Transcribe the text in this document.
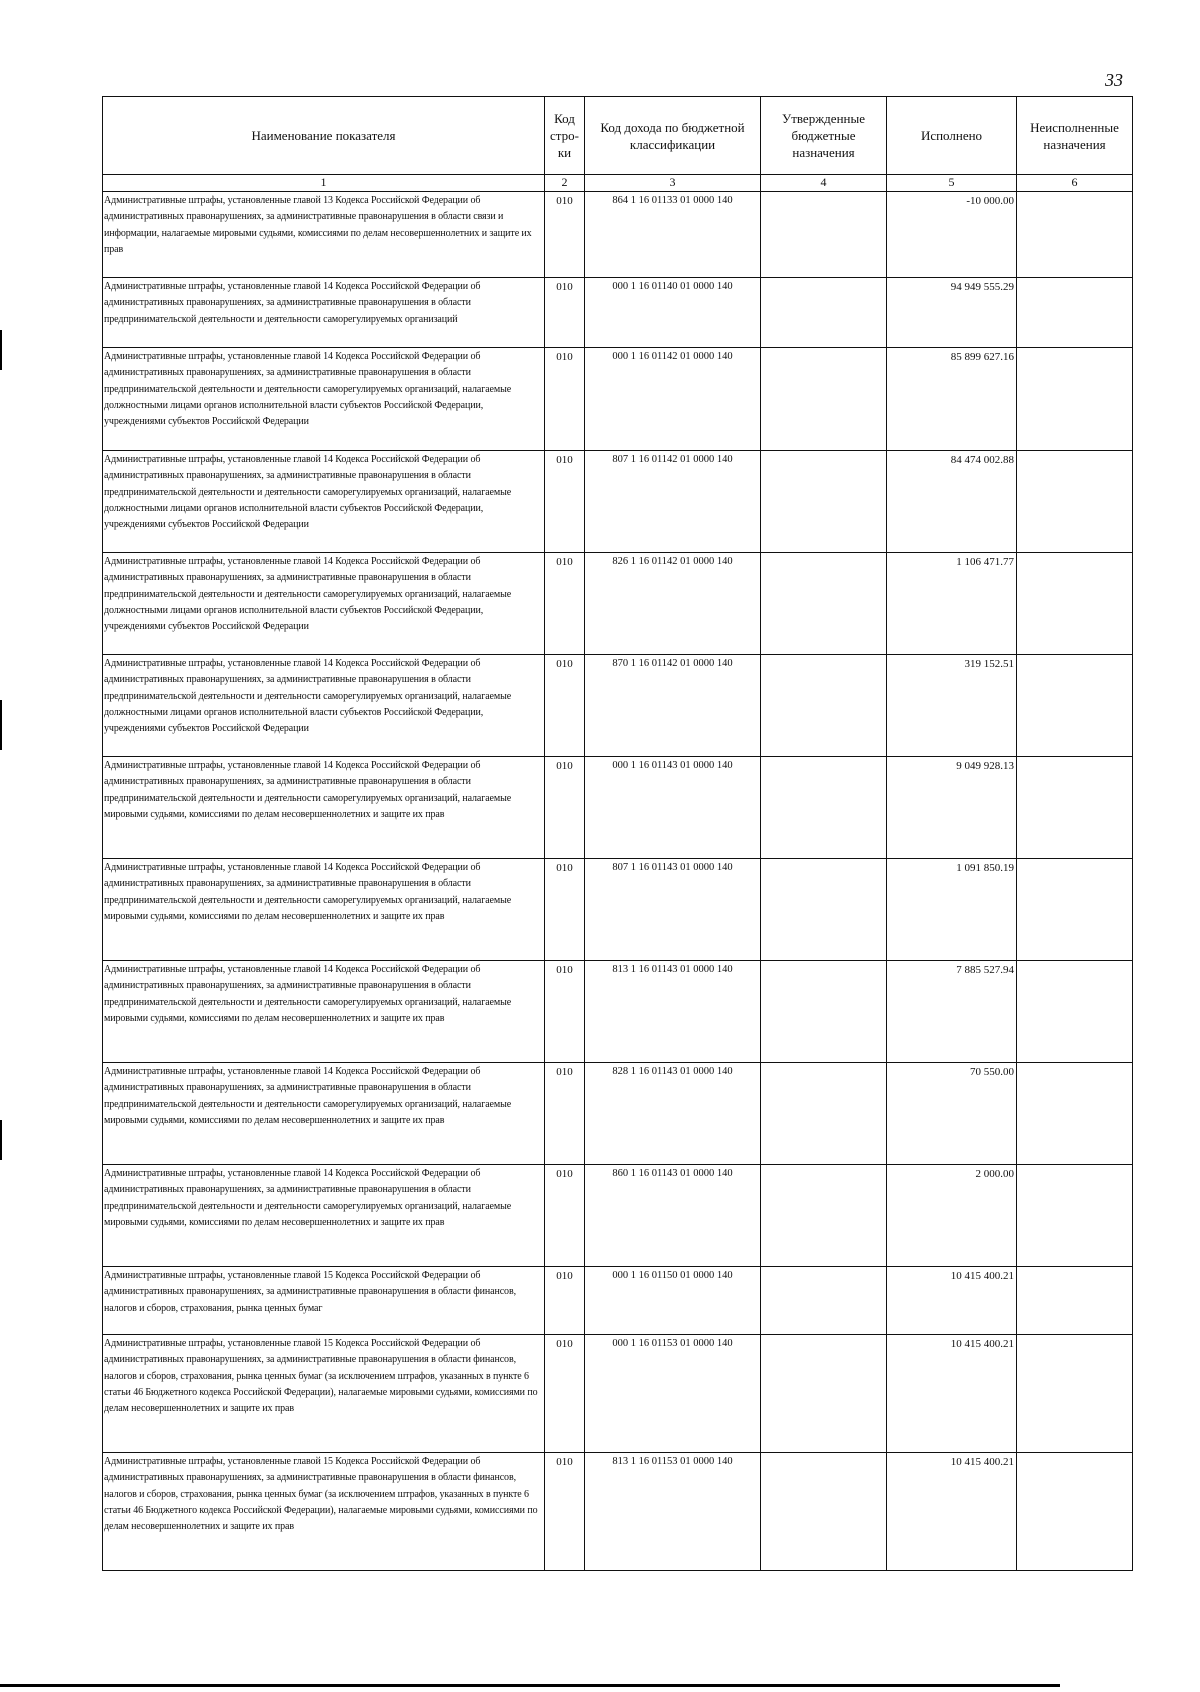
33
Наименование показателя	Код стро- ки	Код дохода по бюджетной классификации	Утвержденные бюджетные назначения	Исполнено	Неисполненные назначения
1	2	3	4	5	6
Административные штрафы, установленные главой 13 Кодекса Российской Федерации об административных правонарушениях, за административные правонарушения в области связи и информации, налагаемые мировыми судьями, комиссиями по делам несовершеннолетних и защите их прав	010	864 1 16 01133 01 0000 140		-10 000.00	
Административные штрафы, установленные главой 14 Кодекса Российской Федерации об административных правонарушениях, за административные правонарушения в области предпринимательской деятельности и деятельности саморегулируемых организаций	010	000 1 16 01140 01 0000 140		94 949 555.29	
Административные штрафы, установленные главой 14 Кодекса Российской Федерации об административных правонарушениях, за административные правонарушения в области предпринимательской деятельности и деятельности саморегулируемых организаций, налагаемые должностными лицами органов исполнительной власти субъектов Российской Федерации, учреждениями субъектов Российской Федерации	010	000 1 16 01142 01 0000 140		85 899 627.16	
Административные штрафы, установленные главой 14 Кодекса Российской Федерации об административных правонарушениях, за административные правонарушения в области предпринимательской деятельности и деятельности саморегулируемых организаций, налагаемые должностными лицами органов исполнительной власти субъектов Российской Федерации, учреждениями субъектов Российской Федерации	010	807 1 16 01142 01 0000 140		84 474 002.88	
Административные штрафы, установленные главой 14 Кодекса Российской Федерации об административных правонарушениях, за административные правонарушения в области предпринимательской деятельности и деятельности саморегулируемых организаций, налагаемые должностными лицами органов исполнительной власти субъектов Российской Федерации, учреждениями субъектов Российской Федерации	010	826 1 16 01142 01 0000 140		1 106 471.77	
Административные штрафы, установленные главой 14 Кодекса Российской Федерации об административных правонарушениях, за административные правонарушения в области предпринимательской деятельности и деятельности саморегулируемых организаций, налагаемые должностными лицами органов исполнительной власти субъектов Российской Федерации, учреждениями субъектов Российской Федерации	010	870 1 16 01142 01 0000 140		319 152.51	
Административные штрафы, установленные главой 14 Кодекса Российской Федерации об административных правонарушениях, за административные правонарушения в области предпринимательской деятельности и деятельности саморегулируемых организаций, налагаемые мировыми судьями, комиссиями по делам несовершеннолетних и защите их прав	010	000 1 16 01143 01 0000 140		9 049 928.13	
Административные штрафы, установленные главой 14 Кодекса Российской Федерации об административных правонарушениях, за административные правонарушения в области предпринимательской деятельности и деятельности саморегулируемых организаций, налагаемые мировыми судьями, комиссиями по делам несовершеннолетних и защите их прав	010	807 1 16 01143 01 0000 140		1 091 850.19	
Административные штрафы, установленные главой 14 Кодекса Российской Федерации об административных правонарушениях, за административные правонарушения в области предпринимательской деятельности и деятельности саморегулируемых организаций, налагаемые мировыми судьями, комиссиями по делам несовершеннолетних и защите их прав	010	813 1 16 01143 01 0000 140		7 885 527.94	
Административные штрафы, установленные главой 14 Кодекса Российской Федерации об административных правонарушениях, за административные правонарушения в области предпринимательской деятельности и деятельности саморегулируемых организаций, налагаемые мировыми судьями, комиссиями по делам несовершеннолетних и защите их прав	010	828 1 16 01143 01 0000 140		70 550.00	
Административные штрафы, установленные главой 14 Кодекса Российской Федерации об административных правонарушениях, за административные правонарушения в области предпринимательской деятельности и деятельности саморегулируемых организаций, налагаемые мировыми судьями, комиссиями по делам несовершеннолетних и защите их прав	010	860 1 16 01143 01 0000 140		2 000.00	
Административные штрафы, установленные главой 15 Кодекса Российской Федерации об административных правонарушениях, за административные правонарушения в области финансов, налогов и сборов, страхования, рынка ценных бумаг	010	000 1 16 01150 01 0000 140		10 415 400.21	
Административные штрафы, установленные главой 15 Кодекса Российской Федерации об административных правонарушениях, за административные правонарушения в области финансов, налогов и сборов, страхования, рынка ценных бумаг (за исключением штрафов, указанных в пункте 6 статьи 46 Бюджетного кодекса Российской Федерации), налагаемые мировыми судьями, комиссиями по делам несовершеннолетних и защите их прав	010	000 1 16 01153 01 0000 140		10 415 400.21	
Административные штрафы, установленные главой 15 Кодекса Российской Федерации об административных правонарушениях, за административные правонарушения в области финансов, налогов и сборов, страхования, рынка ценных бумаг (за исключением штрафов, указанных в пункте 6 статьи 46 Бюджетного кодекса Российской Федерации), налагаемые мировыми судьями, комиссиями по делам несовершеннолетних и защите их прав	010	813 1 16 01153 01 0000 140		10 415 400.21	
